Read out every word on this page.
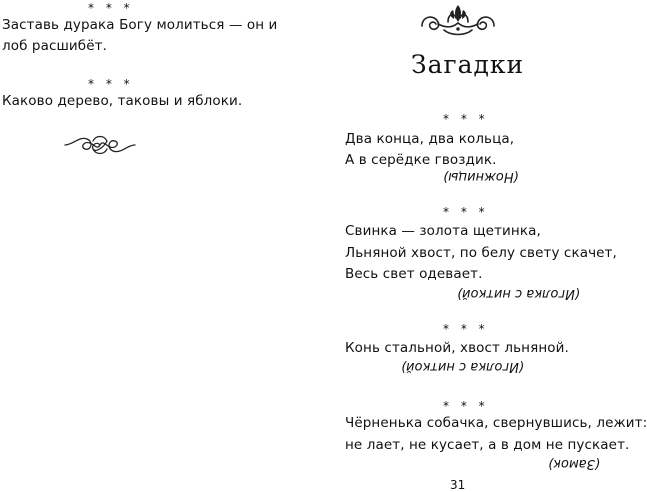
* * *
Заставь дурака Богу молиться — он и
лоб расшибёт.
* * *
Каково дерево, таковы и яблоки.
Загадки
* * *
Два конца, два кольца,
А в серёдке гвоздик.
(Ножницы)
* * *
Свинка — золота щетинка,
Льняной хвост, по белу свету скачет,
Весь свет одевает.
(Иголка с ниткой)
* * *
Конь стальной, хвост льняной.
(Иголка с ниткой)
* * *
Чёрненька собачка, свернувшись, лежит:
не лает, не кусает, а в дом не пускает.
(Замок)
31
